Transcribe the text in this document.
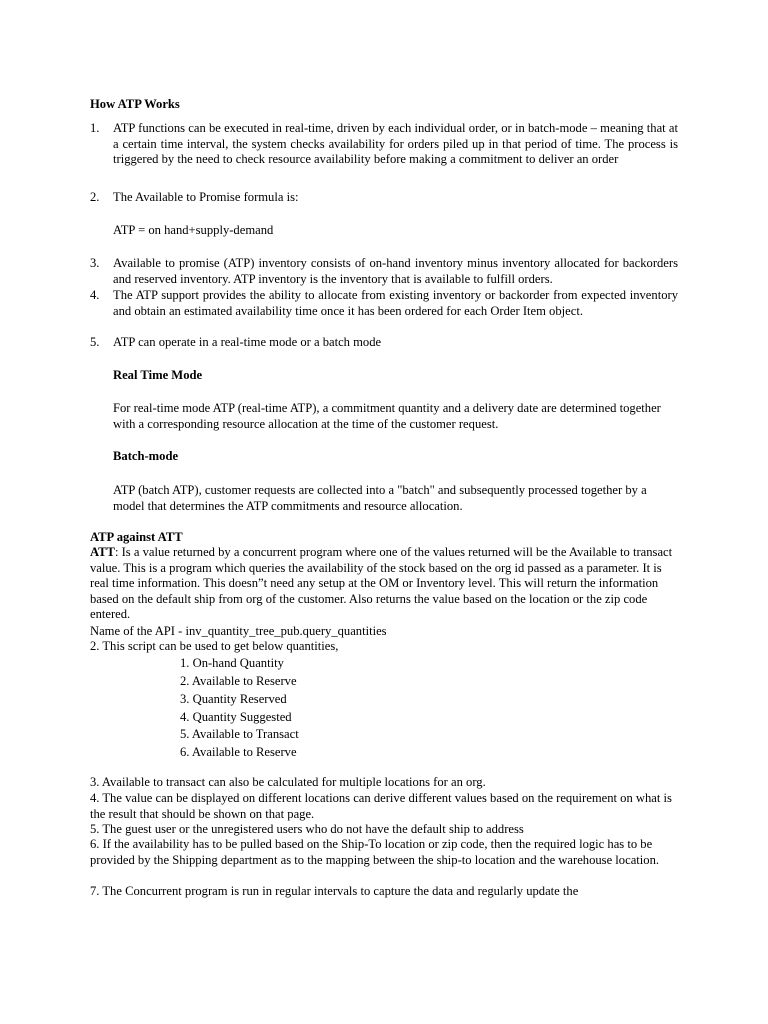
How ATP Works
1. ATP functions can be executed in real-time, driven by each individual order, or in batch-mode – meaning that at a certain time interval, the system checks availability for orders piled up in that period of time. The process is triggered by the need to check resource availability before making a commitment to deliver an order
2. The Available to Promise formula is:
ATP = on hand+supply-demand
3. Available to promise (ATP) inventory consists of on-hand inventory minus inventory allocated for backorders and reserved inventory. ATP inventory is the inventory that is available to fulfill orders.
4. The ATP support provides the ability to allocate from existing inventory or backorder from expected inventory and obtain an estimated availability time once it has been ordered for each Order Item object.
5. ATP can operate in a real-time mode or a batch mode
Real Time Mode
For real-time mode ATP (real-time ATP), a commitment quantity and a delivery date are determined together with a corresponding resource allocation at the time of the customer request.
Batch-mode
ATP (batch ATP), customer requests are collected into a "batch" and subsequently processed together by a model that determines the ATP commitments and resource allocation.
ATP against ATT
ATT: Is a value returned by a concurrent program where one of the values returned will be the Available to transact value. This is a program which queries the availability of the stock based on the org id passed as a parameter. It is real time information. This doesn”t need any setup at the OM or Inventory level. This will return the information based on the default ship from org of the customer. Also returns the value based on the location or the zip code entered.
Name of the API - inv_quantity_tree_pub.query_quantities
2. This script can be used to get below quantities,
1. On-hand Quantity
2. Available to Reserve
3. Quantity Reserved
4. Quantity Suggested
5. Available to Transact
6. Available to Reserve
3. Available to transact can also be calculated for multiple locations for an org.
4. The value can be displayed on different locations can derive different values based on the requirement on what is the result that should be shown on that page.
5. The guest user or the unregistered users who do not have the default ship to address
6. If the availability has to be pulled based on the Ship-To location or zip code, then the required logic has to be provided by the Shipping department as to the mapping between the ship-to location and the warehouse location.
7. The Concurrent program is run in regular intervals to capture the data and regularly update the
